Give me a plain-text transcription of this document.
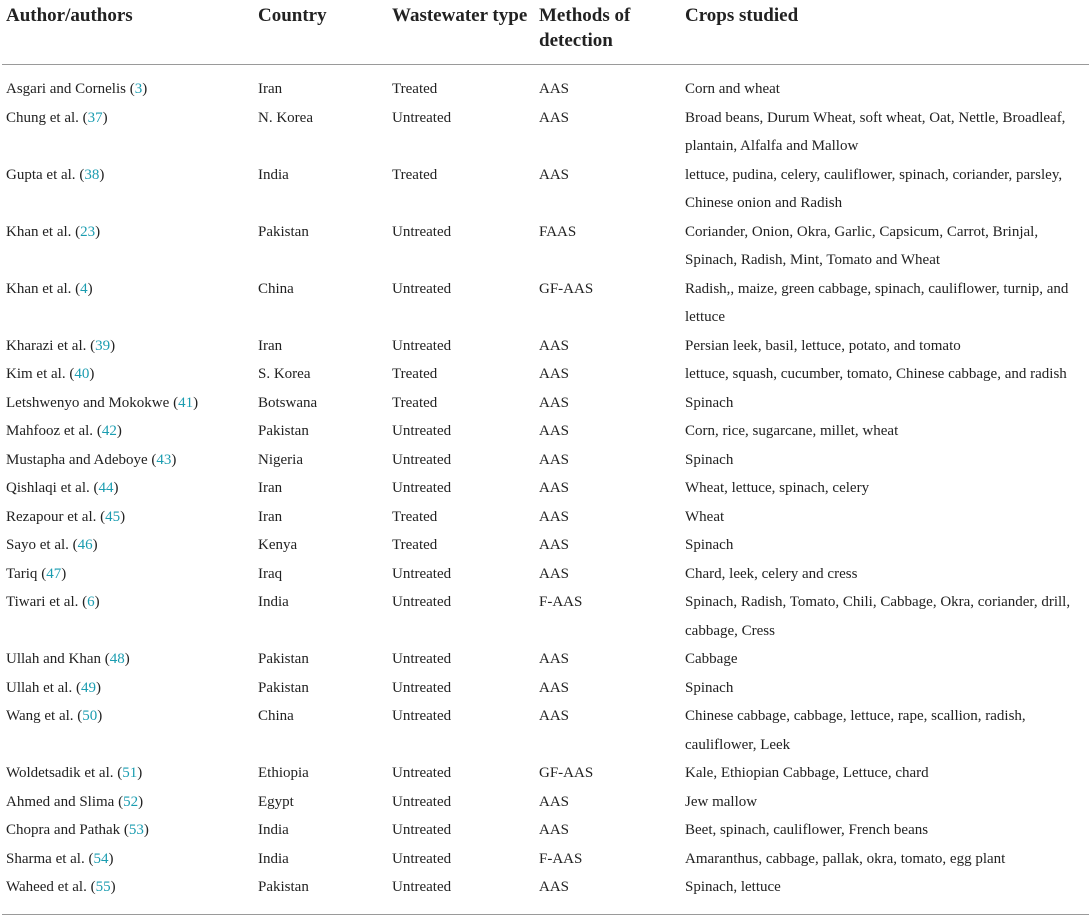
Author/authors	Country	Wastewater type	Methods of detection	Crops studied
Asgari and Cornelis (3)	Iran	Treated	AAS	Corn and wheat
Chung et al. (37)	N. Korea	Untreated	AAS	Broad beans, Durum Wheat, soft wheat, Oat, Nettle, Broadleaf, plantain, Alfalfa and Mallow
Gupta et al. (38)	India	Treated	AAS	lettuce, pudina, celery, cauliflower, spinach, coriander, parsley, Chinese onion and Radish
Khan et al. (23)	Pakistan	Untreated	FAAS	Coriander, Onion, Okra, Garlic, Capsicum, Carrot, Brinjal, Spinach, Radish, Mint, Tomato and Wheat
Khan et al. (4)	China	Untreated	GF-AAS	Radish,, maize, green cabbage, spinach, cauliflower, turnip, and lettuce
Kharazi et al. (39)	Iran	Untreated	AAS	Persian leek, basil, lettuce, potato, and tomato
Kim et al. (40)	S. Korea	Treated	AAS	lettuce, squash, cucumber, tomato, Chinese cabbage, and radish
Letshwenyo and Mokokwe (41)	Botswana	Treated	AAS	Spinach
Mahfooz et al. (42)	Pakistan	Untreated	AAS	Corn, rice, sugarcane, millet, wheat
Mustapha and Adeboye (43)	Nigeria	Untreated	AAS	Spinach
Qishlaqi et al. (44)	Iran	Untreated	AAS	Wheat, lettuce, spinach, celery
Rezapour et al. (45)	Iran	Treated	AAS	Wheat
Sayo et al. (46)	Kenya	Treated	AAS	Spinach
Tariq (47)	Iraq	Untreated	AAS	Chard, leek, celery and cress
Tiwari et al. (6)	India	Untreated	F-AAS	Spinach, Radish, Tomato, Chili, Cabbage, Okra, coriander, drill, cabbage, Cress
Ullah and Khan (48)	Pakistan	Untreated	AAS	Cabbage
Ullah et al. (49)	Pakistan	Untreated	AAS	Spinach
Wang et al. (50)	China	Untreated	AAS	Chinese cabbage, cabbage, lettuce, rape, scallion, radish, cauliflower, Leek
Woldetsadik et al. (51)	Ethiopia	Untreated	GF-AAS	Kale, Ethiopian Cabbage, Lettuce, chard
Ahmed and Slima (52)	Egypt	Untreated	AAS	Jew mallow
Chopra and Pathak (53)	India	Untreated	AAS	Beet, spinach, cauliflower, French beans
Sharma et al. (54)	India	Untreated	F-AAS	Amaranthus, cabbage, pallak, okra, tomato, egg plant
Waheed et al. (55)	Pakistan	Untreated	AAS	Spinach, lettuce
